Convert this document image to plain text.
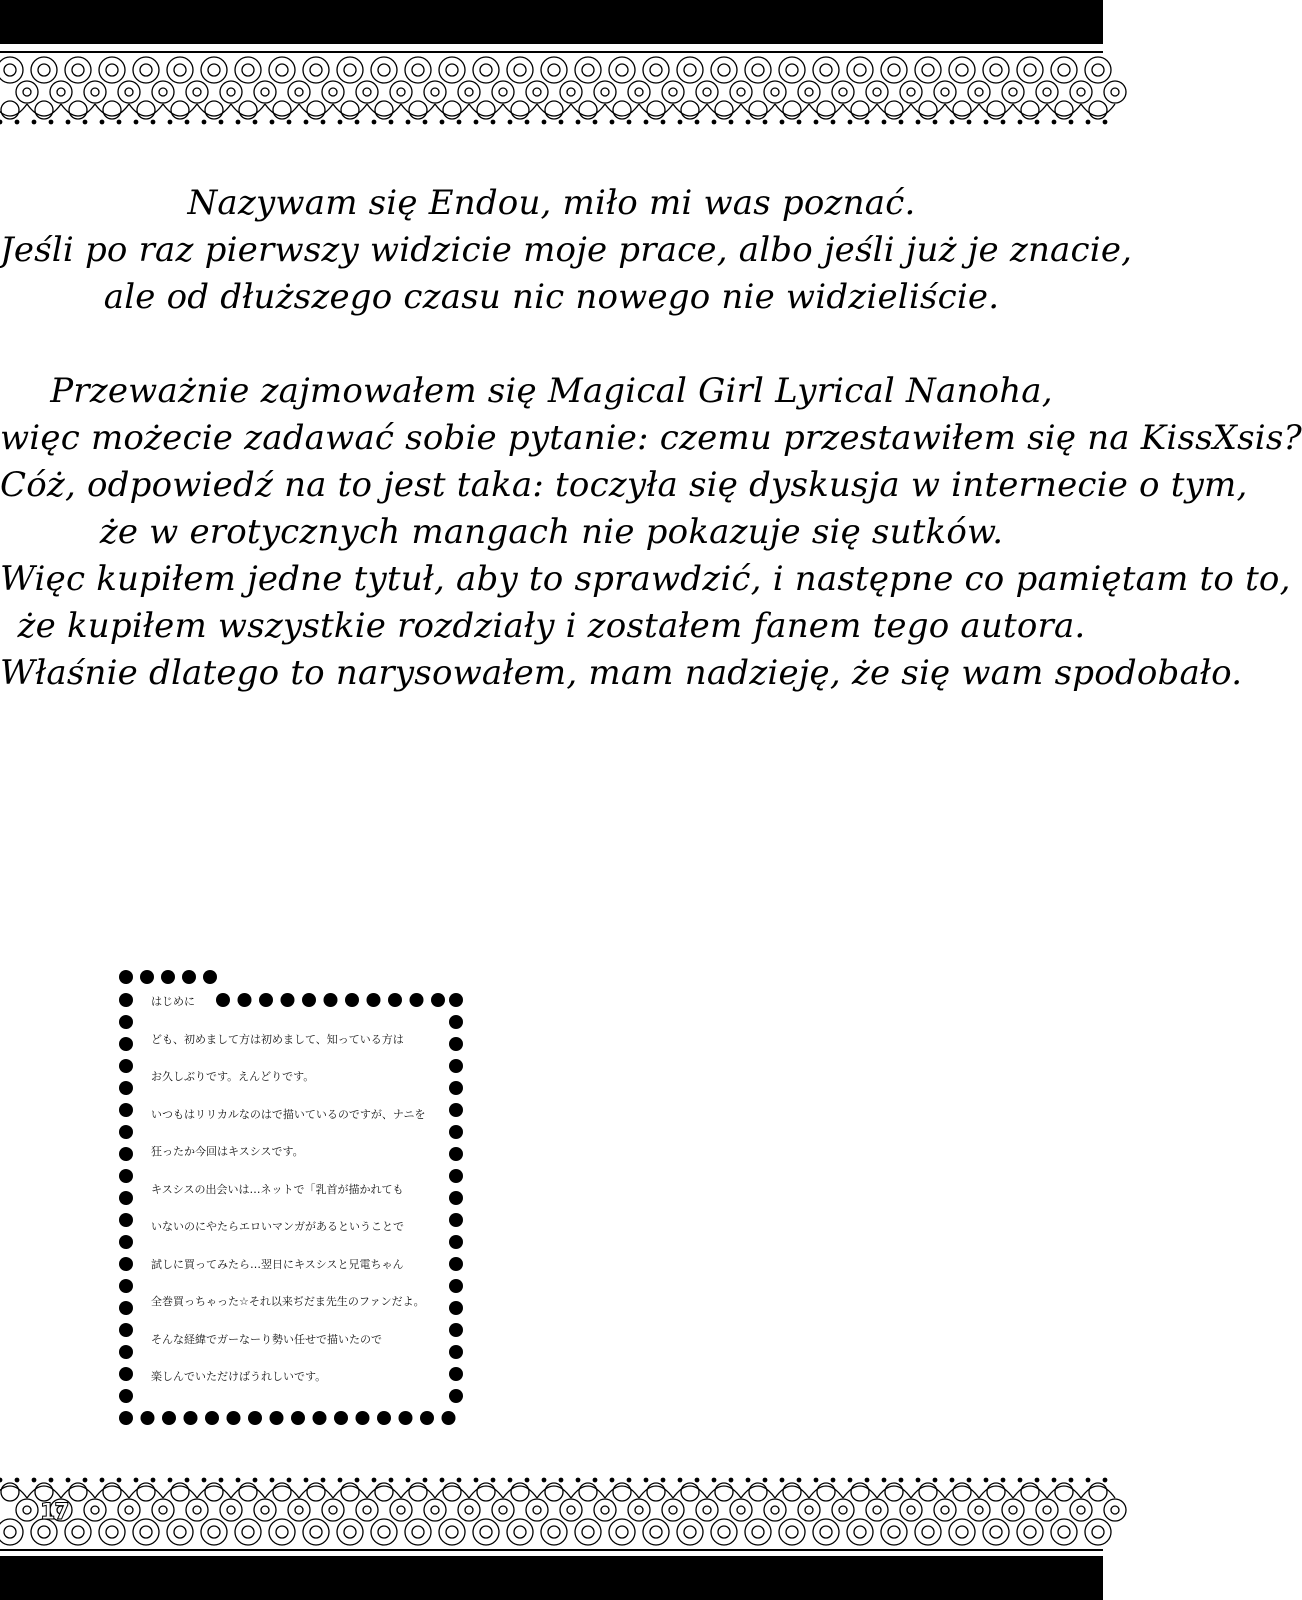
Nazywam się Endou, miło mi was poznać.

Jeśli po raz pierwszy widzicie moje prace, albo jeśli już je znacie,

ale od dłuższego czasu nic nowego nie widzieliście.

Przeważnie zajmowałem się Magical Girl Lyrical Nanoha,

więc możecie zadawać sobie pytanie: czemu przestawiłem się na KissXsis?

Cóż, odpowiedź na to jest taka: toczyła się dyskusja w internecie o tym,

że w erotycznych mangach nie pokazuje się sutków.

Więc kupiłem jedne tytuł, aby to sprawdzić, i następne co pamiętam to to,

że kupiłem wszystkie rozdziały i zostałem fanem tego autora.

Właśnie dlatego to narysowałem, mam nadzieję, że się wam spodobało.

はじめに
ども、初めまして方は初めまして、知っている方は
お久しぶりです。えんどりです。
いつもはリリカルなのはで描いているのですが、ナニを
狂ったか今回はキスシスです。
キスシスの出会いは…ネットで「乳首が描かれても
いないのにやたらエロいマンガがあるということで
試しに買ってみたら…翌日にキスシスと兄電ちゃん
全巻買っちゃった☆それ以来ぢだま先生のファンだよ。
そんな経緯でガーなーり勢い任せで描いたので
楽しんでいただけばうれしいです。
17
